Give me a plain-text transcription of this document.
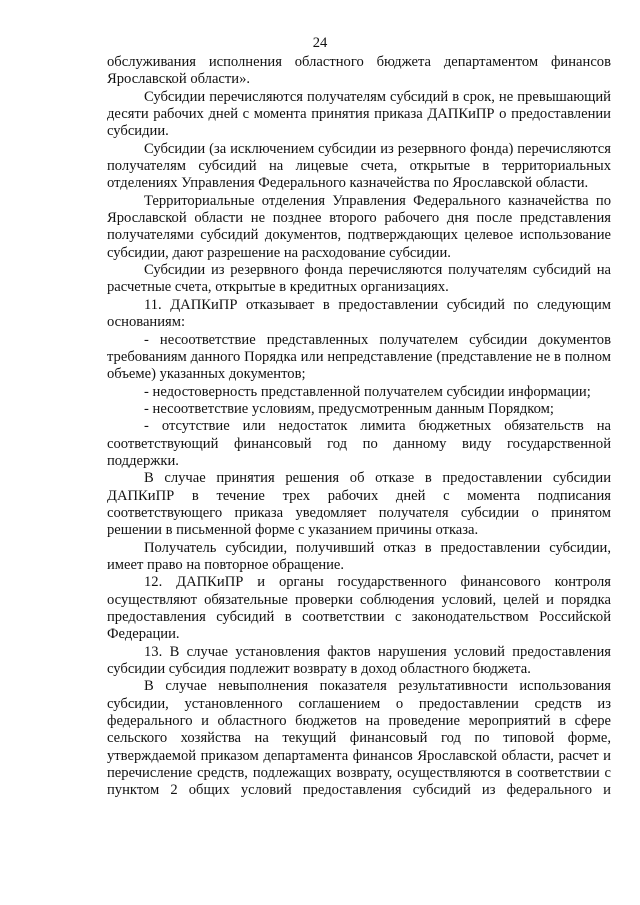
24

обслуживания исполнения областного бюджета департаментом финансов Ярославской области».

Субсидии перечисляются получателям субсидий в срок, не превышающий десяти рабочих дней с момента принятия приказа ДАПКиПР о предоставлении субсидии.

Субсидии (за исключением субсидии из резервного фонда) перечисляются получателям субсидий на лицевые счета, открытые в территориальных отделениях Управления Федерального казначейства по Ярославской области.

Территориальные отделения Управления Федерального казначейства по Ярославской области не позднее второго рабочего дня после представления получателями субсидий документов, подтверждающих целевое использование субсидии, дают разрешение на расходование субсидии.

Субсидии из резервного фонда перечисляются получателям субсидий на расчетные счета, открытые в кредитных организациях.

11. ДАПКиПР отказывает в предоставлении субсидий по следующим основаниям:

- несоответствие представленных получателем субсидии документов требованиям данного Порядка или непредставление (представление не в полном объеме) указанных документов;

- недостоверность представленной получателем субсидии информации;

- несоответствие условиям, предусмотренным данным Порядком;

- отсутствие или недостаток лимита бюджетных обязательств на соответствующий финансовый год по данному виду государственной поддержки.

В случае принятия решения об отказе в предоставлении субсидии ДАПКиПР в течение трех рабочих дней с момента подписания соответствующего приказа уведомляет получателя субсидии о принятом решении в письменной форме с указанием причины отказа.

Получатель субсидии, получивший отказ в предоставлении субсидии, имеет право на повторное обращение.

12. ДАПКиПР и органы государственного финансового контроля осуществляют обязательные проверки соблюдения условий, целей и порядка предоставления субсидий в соответствии с законодательством Российской Федерации.

13. В случае установления фактов нарушения условий предоставления субсидии субсидия подлежит возврату в доход областного бюджета.

В случае невыполнения показателя результативности использования субсидии, установленного соглашением о предоставлении средств из федерального и областного бюджетов на проведение мероприятий в сфере сельского хозяйства на текущий финансовый год по типовой форме, утверждаемой приказом департамента финансов Ярославской области, расчет и перечисление средств, подлежащих возврату, осуществляются в соответствии с пунктом 2 общих условий предоставления субсидий из федерального и
